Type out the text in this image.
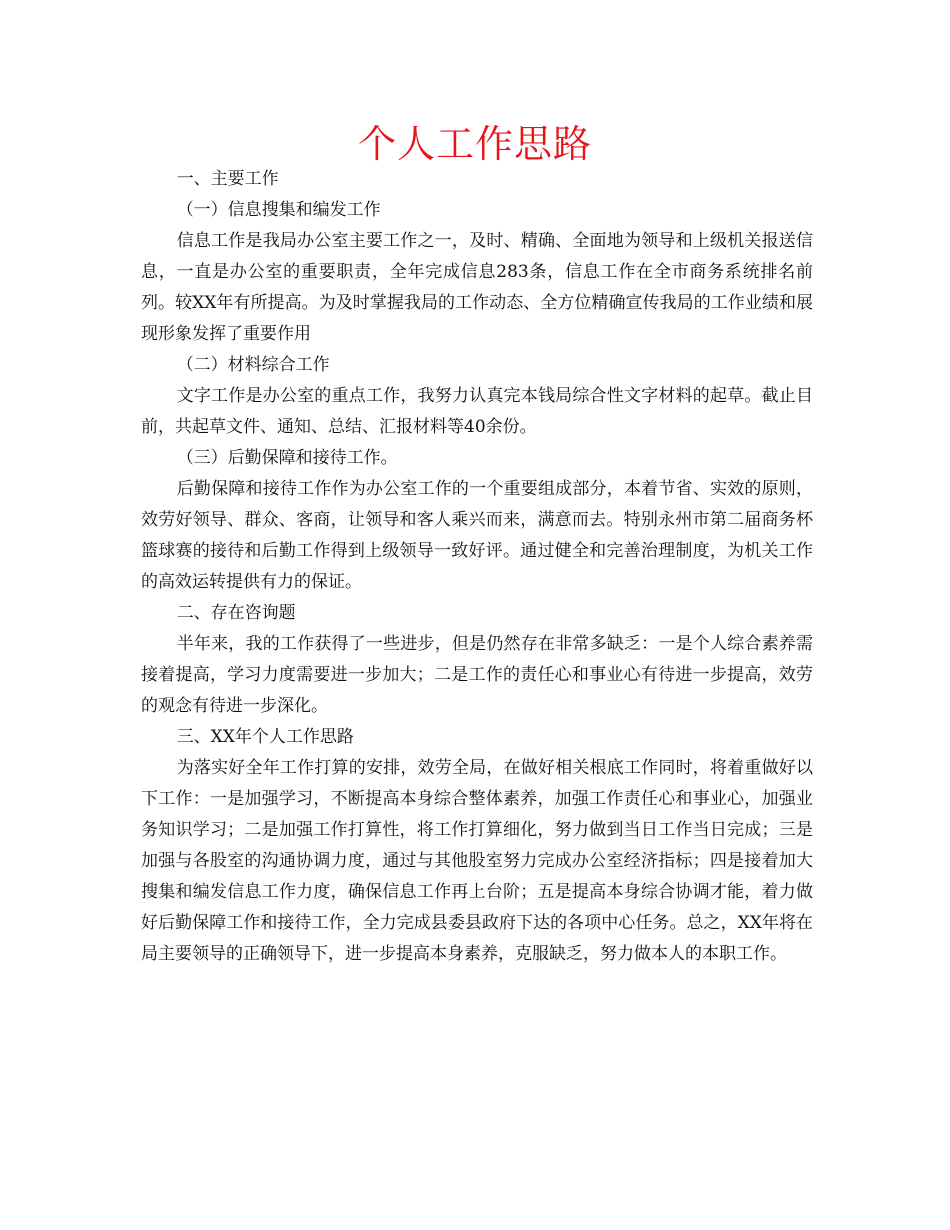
个人工作思路

一、主要工作

（一）信息搜集和编发工作

信息工作是我局办公室主要工作之一，及时、精确、全面地为领导和上级机关报送信息，一直是办公室的重要职责，全年完成信息283条，信息工作在全市商务系统排名前列。较XX年有所提高。为及时掌握我局的工作动态、全方位精确宣传我局的工作业绩和展现形象发挥了重要作用

（二）材料综合工作

文字工作是办公室的重点工作，我努力认真完本钱局综合性文字材料的起草。截止目前，共起草文件、通知、总结、汇报材料等40余份。

（三）后勤保障和接待工作。

后勤保障和接待工作作为办公室工作的一个重要组成部分，本着节省、实效的原则，效劳好领导、群众、客商，让领导和客人乘兴而来，满意而去。特别永州市第二届商务杯篮球赛的接待和后勤工作得到上级领导一致好评。通过健全和完善治理制度，为机关工作的高效运转提供有力的保证。

二、存在咨询题

半年来，我的工作获得了一些进步，但是仍然存在非常多缺乏：一是个人综合素养需接着提高，学习力度需要进一步加大；二是工作的责任心和事业心有待进一步提高，效劳的观念有待进一步深化。

三、XX年个人工作思路

为落实好全年工作打算的安排，效劳全局，在做好相关根底工作同时，将着重做好以下工作：一是加强学习，不断提高本身综合整体素养，加强工作责任心和事业心，加强业务知识学习；二是加强工作打算性，将工作打算细化，努力做到当日工作当日完成；三是加强与各股室的沟通协调力度，通过与其他股室努力完成办公室经济指标；四是接着加大搜集和编发信息工作力度，确保信息工作再上台阶；五是提高本身综合协调才能，着力做好后勤保障工作和接待工作，全力完成县委县政府下达的各项中心任务。总之，XX年将在局主要领导的正确领导下，进一步提高本身素养，克服缺乏，努力做本人的本职工作。
